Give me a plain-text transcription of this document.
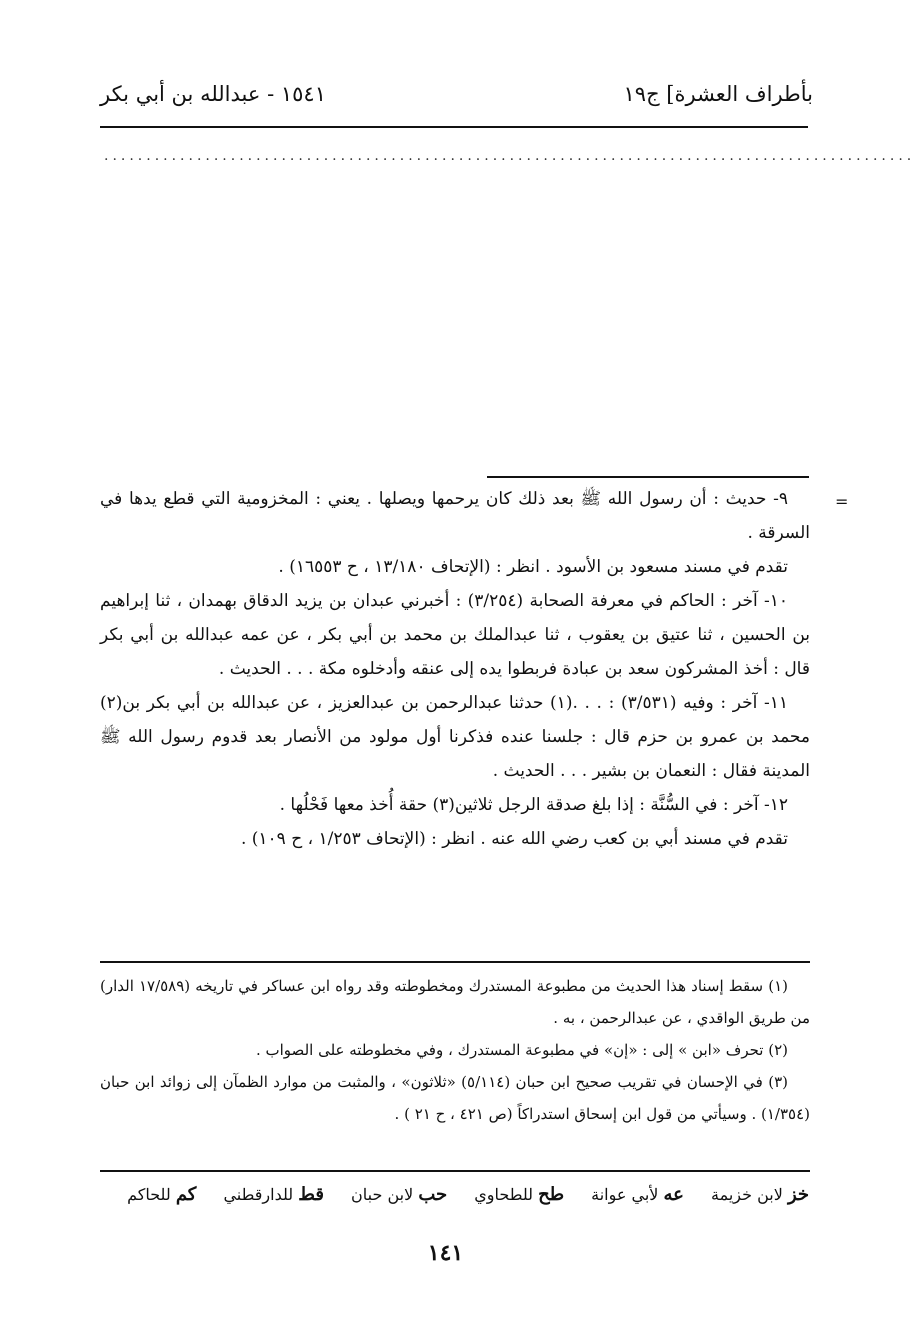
١٥٤١ - عبدالله بن أبي بكر	بأطراف العشرة] ج١٩
................................................................................................
=

٩- حديث : أن رسول الله ﷺ بعد ذلك كان يرحمها ويصلها . يعني : المخزومية التي قطع يدها في السرقة .

تقدم في مسند مسعود بن الأسود . انظر : (الإتحاف ١٣/١٨٠ ، ح ١٦٥٥٣) .

١٠- آخر : الحاكم في معرفة الصحابة (٣/٢٥٤) : أخبرني عبدان بن يزيد الدقاق بهمدان ، ثنا إبراهيم بن الحسين ، ثنا عتيق بن يعقوب ، ثنا عبدالملك بن محمد بن أبي بكر ، عن عمه عبدالله بن أبي بكر قال : أخذ المشركون سعد بن عبادة فربطوا يده إلى عنقه وأدخلوه مكة . . . الحديث .

١١- آخر : وفيه (٣/٥٣١) : . . .(١) حدثنا عبدالرحمن بن عبدالعزيز ، عن عبدالله بن أبي بكر بن(٢) محمد بن عمرو بن حزم قال : جلسنا عنده فذكرنا أول مولود من الأنصار بعد قدوم رسول الله ﷺ المدينة فقال : النعمان بن بشير . . . الحديث .

١٢- آخر : في السُّنَّة : إذا بلغ صدقة الرجل ثلاثين(٣) حقة أُخذ معها فَحْلُها .

تقدم في مسند أبي بن كعب رضي الله عنه . انظر : (الإتحاف ١/٢٥٣ ، ح ١٠٩) .

(١) سقط إسناد هذا الحديث من مطبوعة المستدرك ومخطوطته وقد رواه ابن عساكر في تاريخه (١٧/٥٨٩ الدار) من طريق الواقدي ، عن عبدالرحمن ، به .

(٢) تحرف «ابن » إلى : «إن» في مطبوعة المستدرك ، وفي مخطوطته على الصواب .

(٣) في الإحسان في تقريب صحيح ابن حبان (٥/١١٤) «ثلاثون» ، والمثبت من موارد الظمآن إلى زوائد ابن حبان (١/٣٥٤) . وسيأتي من قول ابن إسحاق استدراكاً (ص ٤٢١ ، ح ٢١ ) .

خز لابن خزيمة عه لأبي عوانة طح للطحاوي حب لابن حبان قط للدارقطني كم للحاكم
١٤١
